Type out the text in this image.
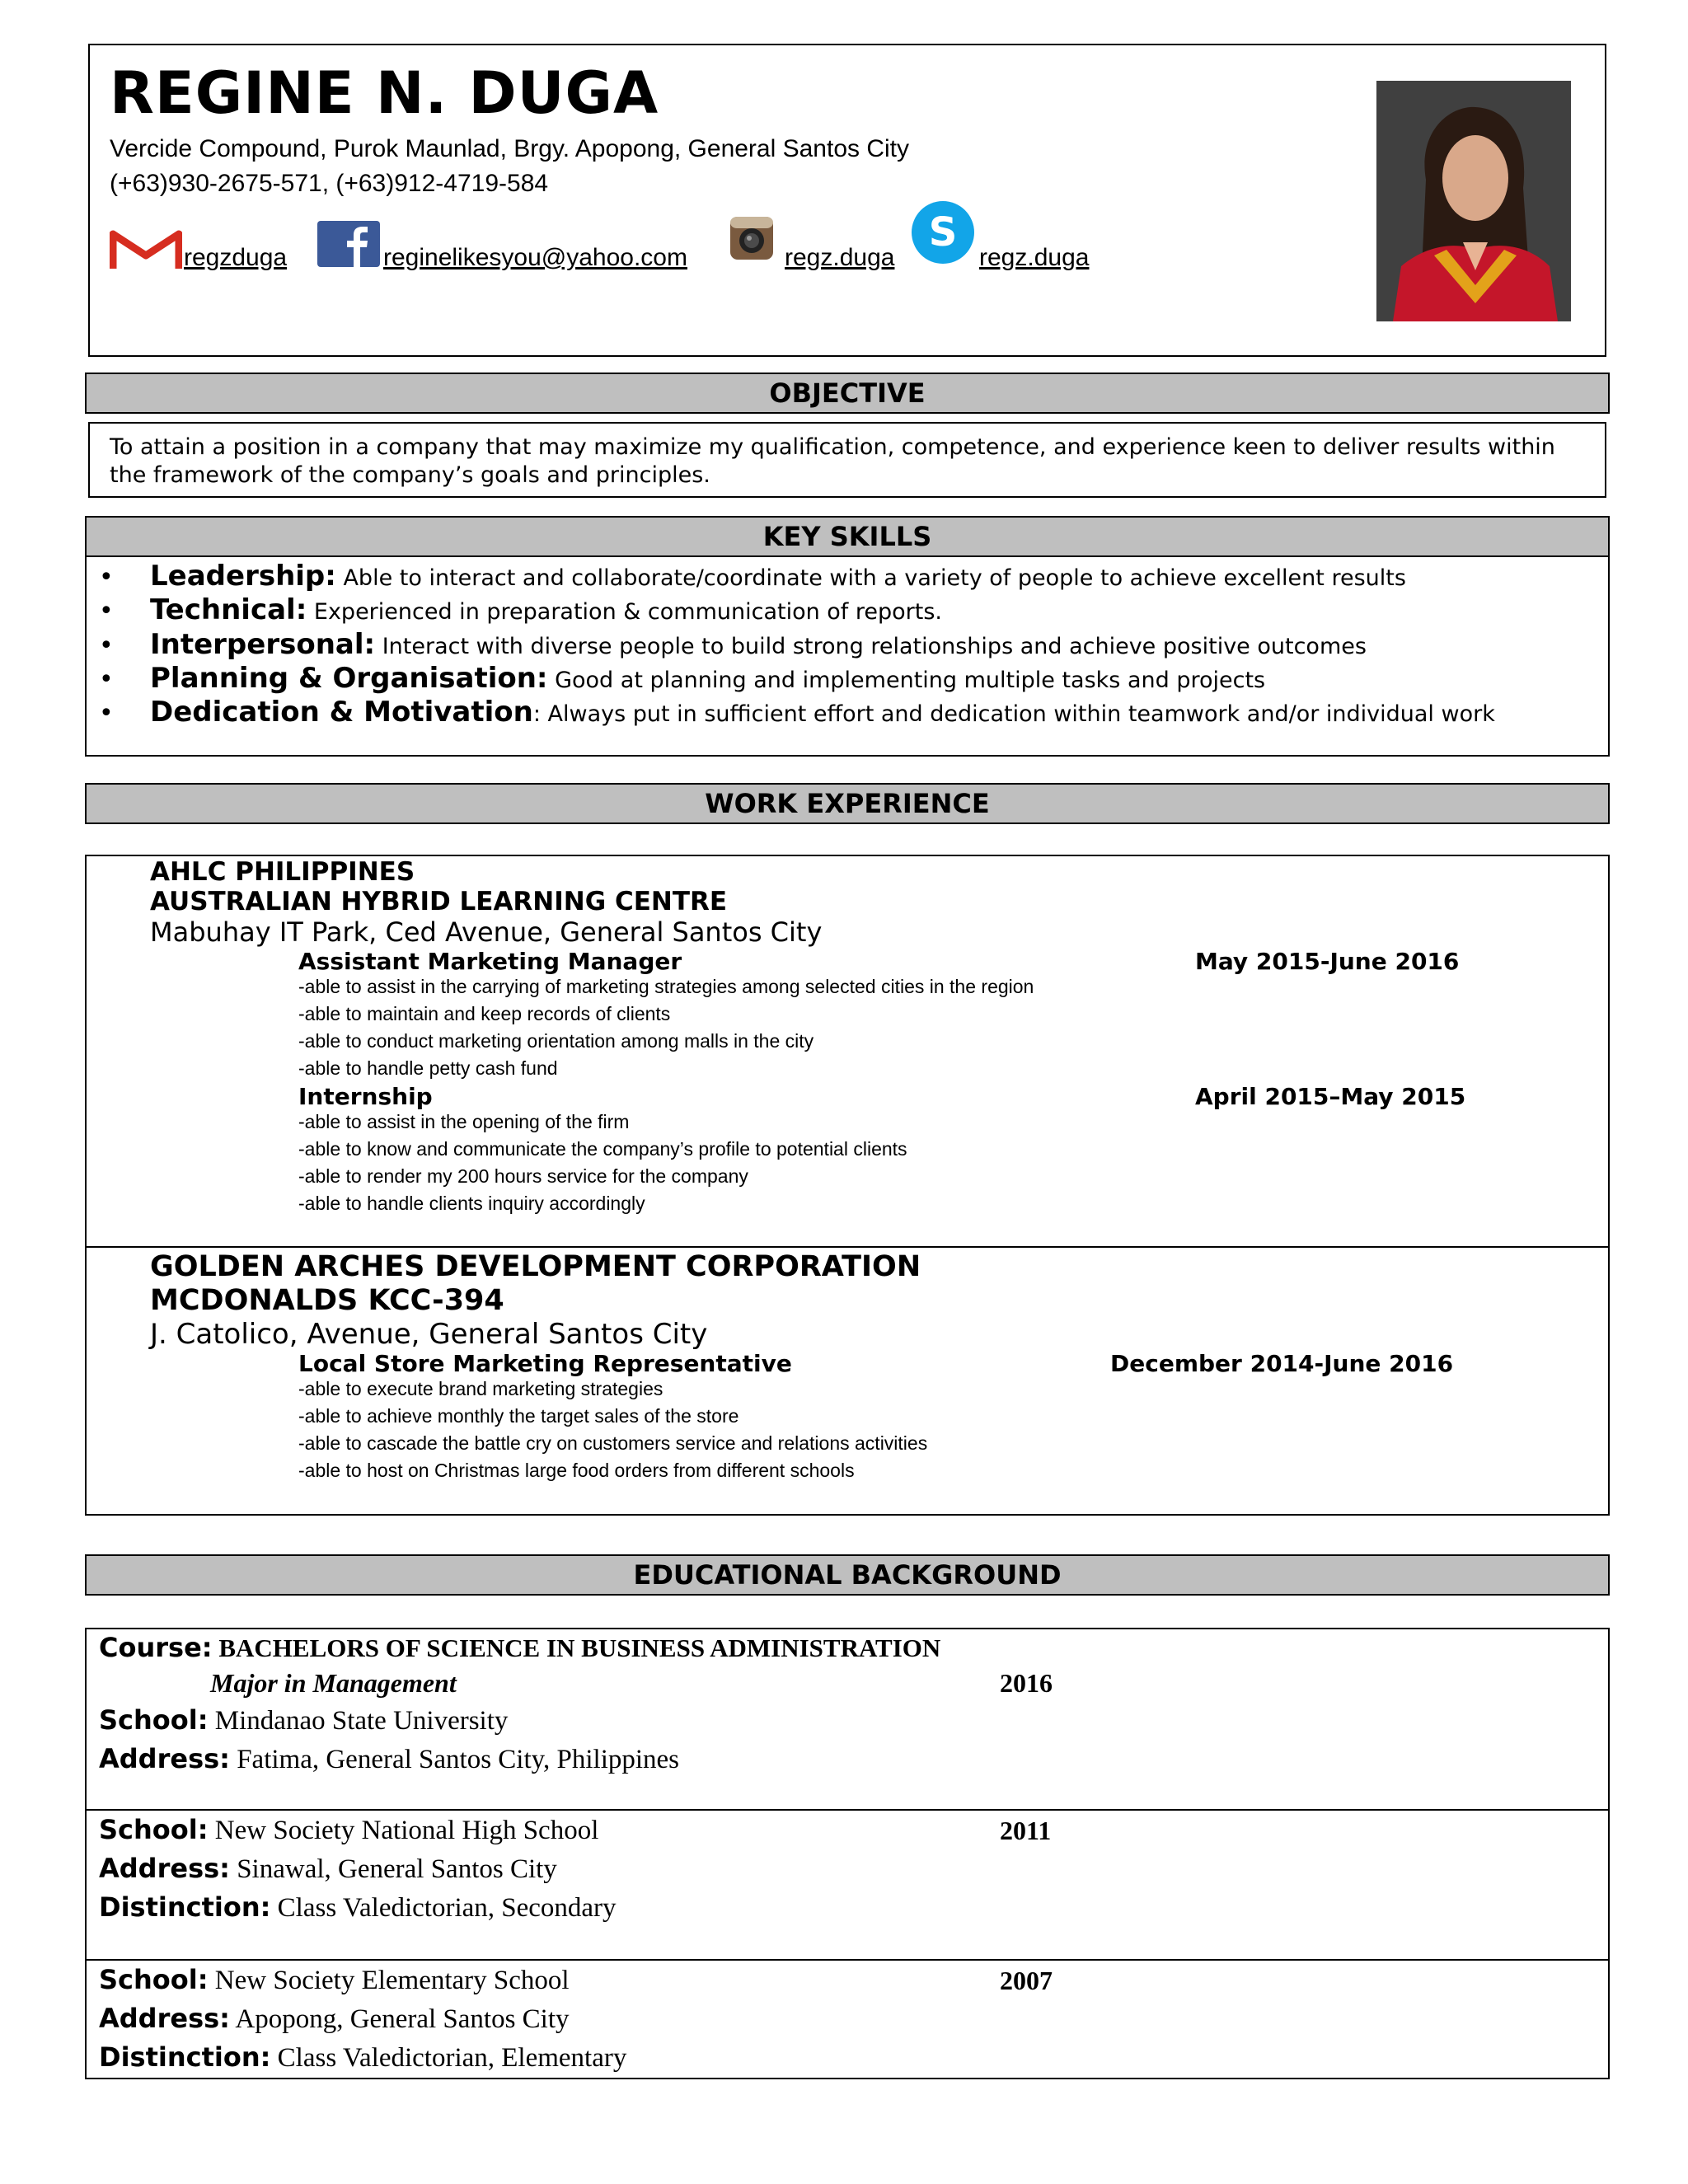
REGINE N. DUGA
Vercide Compound, Purok Maunlad, Brgy. Apopong, General Santos City
(+63)930-2675-571, (+63)912-4719-584
regzduga	reginelikesyou@yahoo.com	regz.duga
S
regz.duga
OBJECTIVE
To attain a position in a company that may maximize my qualification, competence, and experience keen to deliver results within the framework of the company’s goals and principles.
KEY SKILLS
• Leadership: Able to interact and collaborate/coordinate with a variety of people to achieve excellent results
• Technical: Experienced in preparation & communication of reports.
• Interpersonal: Interact with diverse people to build strong relationships and achieve positive outcomes
• Planning & Organisation: Good at planning and implementing multiple tasks and projects
• Dedication & Motivation: Always put in sufficient effort and dedication within teamwork and/or individual work
WORK EXPERIENCE
AHLC PHILIPPINES
AUSTRALIAN HYBRID LEARNING CENTRE
Mabuhay IT Park, Ced Avenue, General Santos City
Assistant Marketing Manager	May 2015-June 2016
-able to assist in the carrying of marketing strategies among selected cities in the region
-able to maintain and keep records of clients
-able to conduct marketing orientation among malls in the city
-able to handle petty cash fund
Internship	April 2015–May 2015
-able to assist in the opening of the firm
-able to know and communicate the company’s profile to potential clients
-able to render my 200 hours service for the company
-able to handle clients inquiry accordingly
GOLDEN ARCHES DEVELOPMENT CORPORATION
MCDONALDS KCC-394
J. Catolico, Avenue, General Santos City
Local Store Marketing Representative	December 2014-June 2016
-able to execute brand marketing strategies
-able to achieve monthly the target sales of the store
-able to cascade the battle cry on customers service and relations activities
-able to host on Christmas large food orders from different schools
EDUCATIONAL BACKGROUND
Course: BACHELORS OF SCIENCE IN BUSINESS ADMINISTRATION
Major in Management	2016
School: Mindanao State University
Address: Fatima, General Santos City, Philippines
School: New Society National High School	2011
Address: Sinawal, General Santos City
Distinction: Class Valedictorian, Secondary
School: New Society Elementary School	2007
Address: Apopong, General Santos City
Distinction: Class Valedictorian, Elementary
